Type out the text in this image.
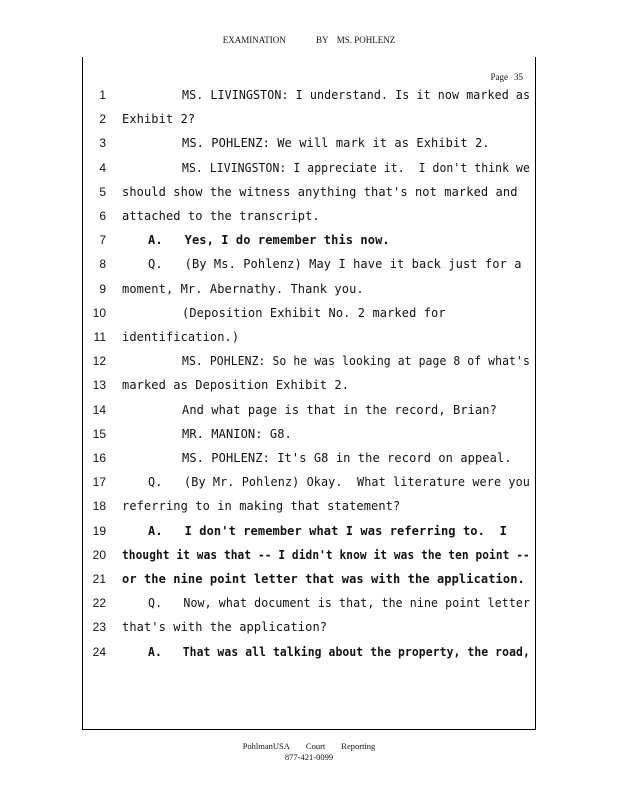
EXAMINATION	BY MS. POHLENZ
Page 35
1	MS. LIVINGSTON: I understand. Is it now marked as
2 Exhibit 2?
3	MS. POHLENZ: We will mark it as Exhibit 2.
4	MS. LIVINGSTON: I appreciate it.  I don't think we
5 should show the witness anything that's not marked and
6 attached to the transcript.
7	A.   Yes, I do remember this now.
8	Q.   (By Ms. Pohlenz) May I have it back just for a
9 moment, Mr. Abernathy. Thank you.
10	(Deposition Exhibit No. 2 marked for
11 identification.)
12	MS. POHLENZ: So he was looking at page 8 of what's
13 marked as Deposition Exhibit 2.
14	And what page is that in the record, Brian?
15	MR. MANION: G8.
16	MS. POHLENZ: It's G8 in the record on appeal.
17	Q.   (By Mr. Pohlenz) Okay.  What literature were you
18 referring to in making that statement?
19	A.   I don't remember what I was referring to.  I
20 thought it was that -- I didn't know it was the ten point --
21 or the nine point letter that was with the application.
22	Q.   Now, what document is that, the nine point letter
23 that's with the application?
24	A.   That was all talking about the property, the road,
PohlmanUSA Court Reporting
877-421-0099
